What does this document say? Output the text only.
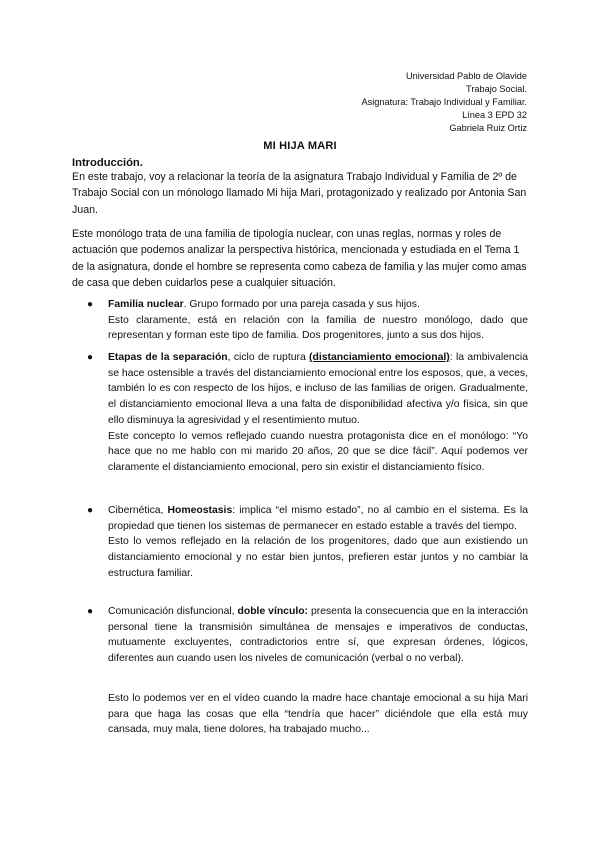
Universidad Pablo de Olavide
Trabajo Social.
Asignatura: Trabajo Individual y Familiar.
Línea 3 EPD 32
Gabriela Ruiz Ortiz
MI HIJA MARI
Introducción.

En este trabajo, voy a relacionar la teoría de la asignatura Trabajo Individual y Familia de 2º de Trabajo Social con un mónologo llamado Mi hija Mari, protagonizado y realizado por Antonia San Juan.

Este monólogo trata de una familia de tipología nuclear, con unas reglas, normas y roles de actuación que podemos analizar la perspectiva histórica, mencionada y estudiada en el Tema 1 de la asignatura, donde el hombre se representa como cabeza de familia y las mujer como amas de casa que deben cuidarlos pese a cualquier situación.

● Familia nuclear. Grupo formado por una pareja casada y sus hijos.

Esto claramente, está en relación con la familia de nuestro monólogo, dado que representan y forman este tipo de familia. Dos progenitores, junto a sus dos hijos.

● Etapas de la separación, ciclo de ruptura (distanciamiento emocional): la ambivalencia se hace ostensible a través del distanciamiento emocional entre los esposos, que, a veces, también lo es con respecto de los hijos, e incluso de las familias de origen. Gradualmente, el distanciamiento emocional lleva a una falta de disponibilidad afectiva y/o física, sin que ello disminuya la agresividad y el resentimiento mutuo.

Este concepto lo vemos reflejado cuando nuestra protagonista dice en el monólogo: “Yo hace que no me hablo con mi marido 20 años, 20 que se dice fácil”. Aquí podemos ver claramente el distanciamiento emocional, pero sin existir el distanciamiento físico.

● Cibernética, Homeostasis: implica “el mismo estado”, no al cambio en el sistema. Es la propiedad que tienen los sistemas de permanecer en estado estable a través del tiempo.

Esto lo vemos reflejado en la relación de los progenitores, dado que aun existiendo un distanciamiento emocional y no estar bien juntos, prefieren estar juntos y no cambiar la estructura familiar.

● Comunicación disfuncional, doble vínculo: presenta la consecuencia que en la interacción personal tiene la transmisión simultánea de mensajes e imperativos de conductas, mutuamente excluyentes, contradictorios entre sí, que expresan órdenes, lógicos, diferentes aun cuando usen los niveles de comunicación (verbal o no verbal).

Esto lo podemos ver en el vídeo cuando la madre hace chantaje emocional a su hija Mari para que haga las cosas que ella “tendría que hacer” diciéndole que ella está muy cansada, muy mala, tiene dolores, ha trabajado mucho...
